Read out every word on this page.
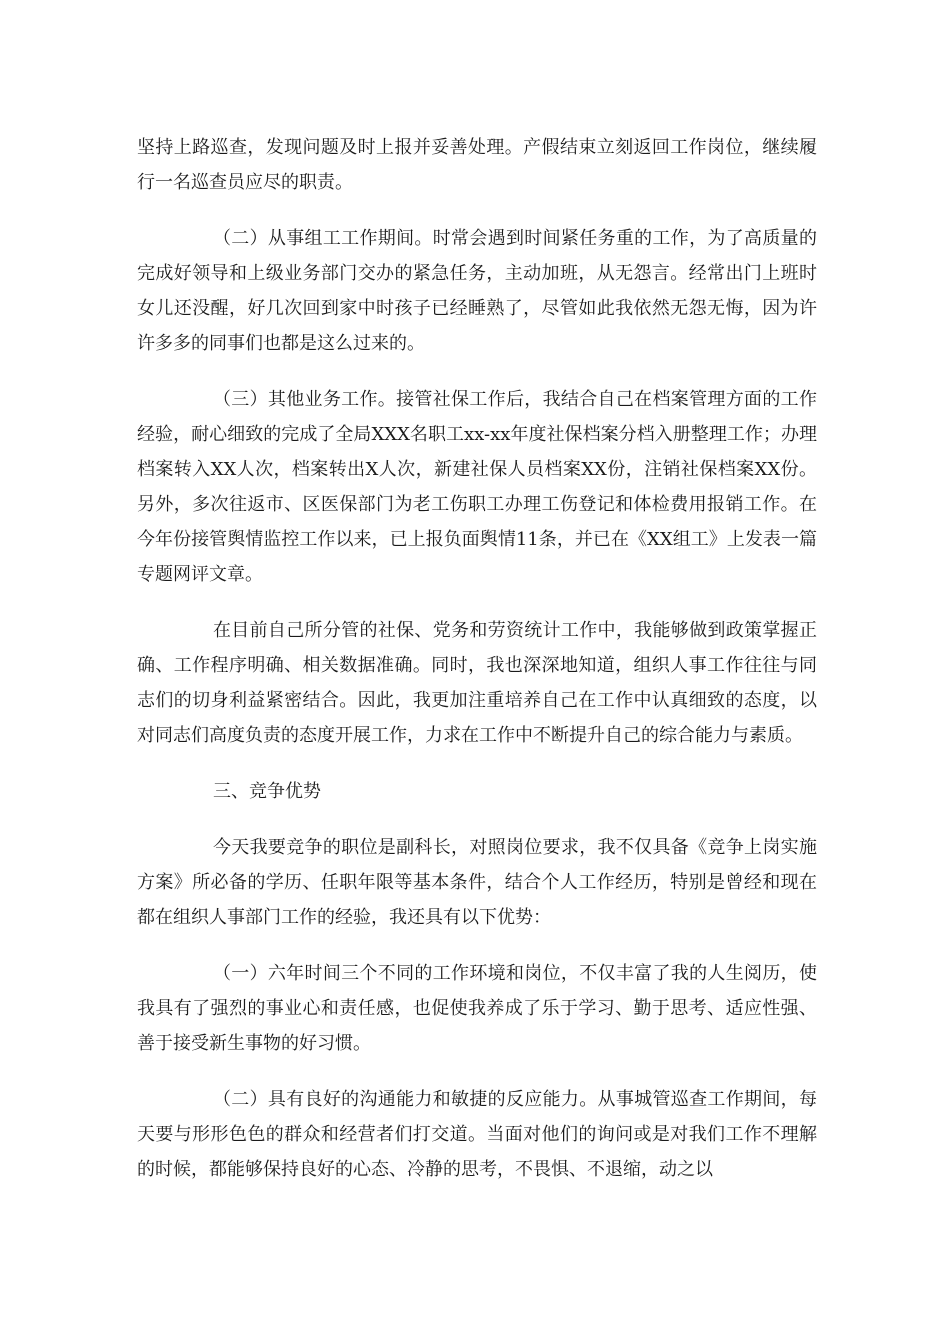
坚持上路巡查，发现问题及时上报并妥善处理。产假结束立刻返回工作岗位，继续履行一名巡查员应尽的职责。

（二）从事组工工作期间。时常会遇到时间紧任务重的工作，为了高质量的完成好领导和上级业务部门交办的紧急任务，主动加班，从无怨言。经常出门上班时女儿还没醒，好几次回到家中时孩子已经睡熟了，尽管如此我依然无怨无悔，因为许许多多的同事们也都是这么过来的。

（三）其他业务工作。接管社保工作后，我结合自己在档案管理方面的工作经验，耐心细致的完成了全局XXX名职工xx-xx年度社保档案分档入册整理工作；办理档案转入XX人次，档案转出X人次，新建社保人员档案XX份，注销社保档案XX份。另外，多次往返市、区医保部门为老工伤职工办理工伤登记和体检费用报销工作。在今年份接管舆情监控工作以来，已上报负面舆情11条，并已在《XX组工》上发表一篇专题网评文章。

在目前自己所分管的社保、党务和劳资统计工作中，我能够做到政策掌握正确、工作程序明确、相关数据准确。同时，我也深深地知道，组织人事工作往往与同志们的切身利益紧密结合。因此，我更加注重培养自己在工作中认真细致的态度，以对同志们高度负责的态度开展工作，力求在工作中不断提升自己的综合能力与素质。

三、竞争优势

今天我要竞争的职位是副科长，对照岗位要求，我不仅具备《竞争上岗实施方案》所必备的学历、任职年限等基本条件，结合个人工作经历，特别是曾经和现在都在组织人事部门工作的经验，我还具有以下优势：

（一）六年时间三个不同的工作环境和岗位，不仅丰富了我的人生阅历，使我具有了强烈的事业心和责任感，也促使我养成了乐于学习、勤于思考、适应性强、善于接受新生事物的好习惯。

（二）具有良好的沟通能力和敏捷的反应能力。从事城管巡查工作期间，每天要与形形色色的群众和经营者们打交道。当面对他们的询问或是对我们工作不理解的时候，都能够保持良好的心态、冷静的思考，不畏惧、不退缩，动之以
